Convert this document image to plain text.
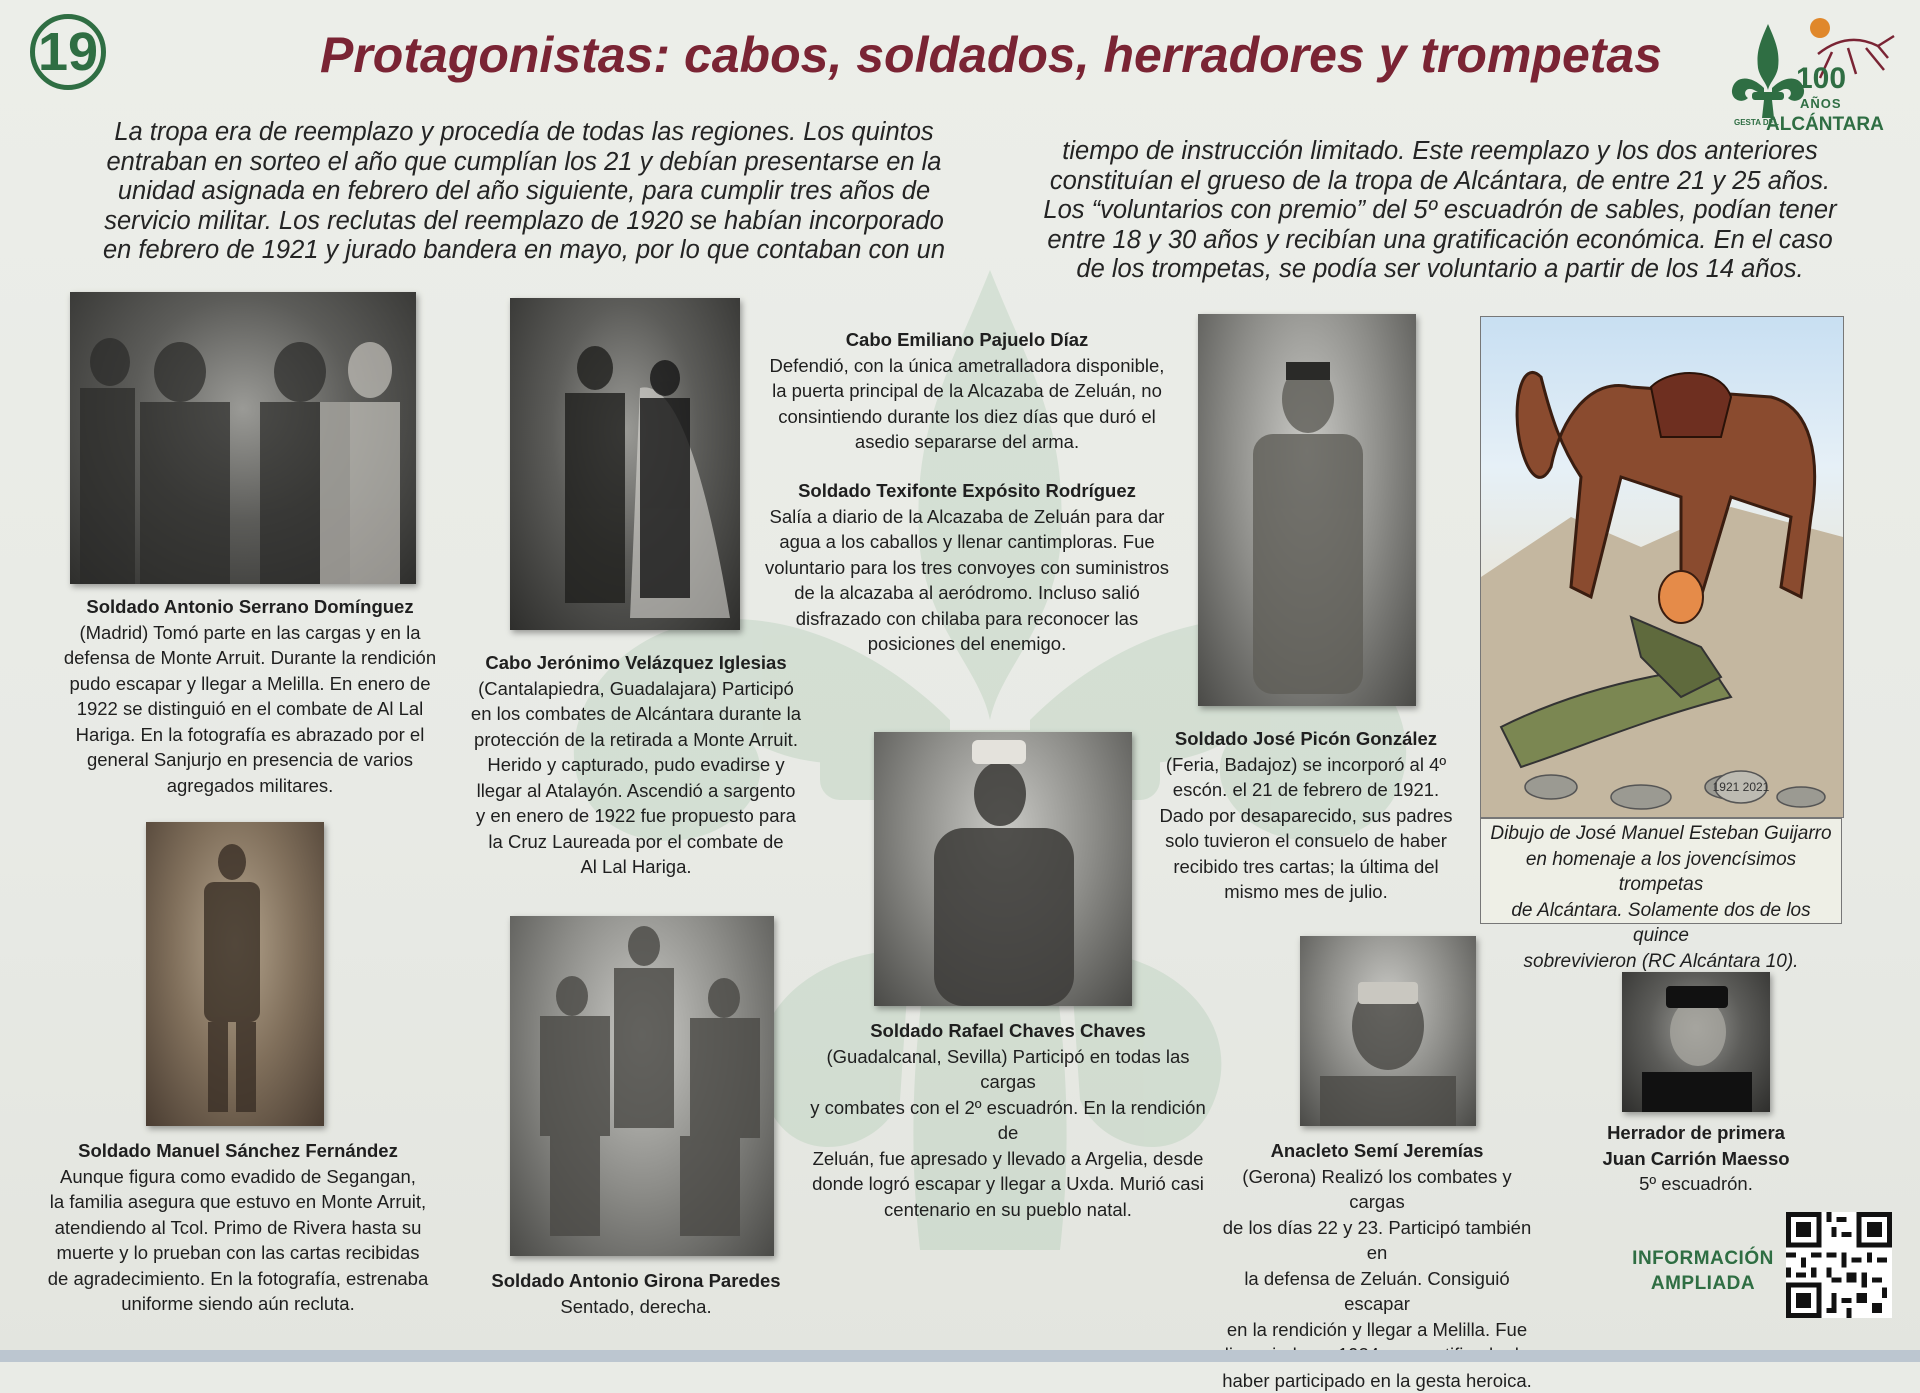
19	Protagonistas: cabos, soldados, herradores y trompetas	100
AÑOS
GESTA DEL
ALCÁNTARA
La tropa era de reemplazo y procedía de todas las regiones. Los quintos
entraban en sorteo el año que cumplían los 21 y debían presentarse en la
unidad asignada en febrero del año siguiente, para cumplir tres años de
servicio militar. Los reclutas del reemplazo de 1920 se habían incorporado
en febrero de 1921 y jurado bandera en mayo, por lo que contaban con un
tiempo de instrucción limitado. Este reemplazo y los dos anteriores
constituían el grueso de la tropa de Alcántara, de entre 21 y 25 años.
Los “voluntarios con premio” del 5º escuadrón de sables, podían tener
entre 18 y 30 años y recibían una gratificación económica. En el caso
de los trompetas, se podía ser voluntario a partir de los 14 años.
1921 2021
Dibujo de José Manuel Esteban Guijarro
en homenaje a los jovencísimos trompetas
de Alcántara. Solamente dos de los quince
sobrevivieron (RC Alcántara 10).
Soldado Antonio Serrano Domínguez
(Madrid) Tomó parte en las cargas y en la
defensa de Monte Arruit. Durante la rendición
pudo escapar y llegar a Melilla. En enero de
1922 se distinguió en el combate de Al Lal
Hariga. En la fotografía es abrazado por el
general Sanjurjo en presencia de varios
agregados militares.
Cabo Jerónimo Velázquez Iglesias
(Cantalapiedra, Guadalajara) Participó
en los combates de Alcántara durante la
protección de la retirada a Monte Arruit.
Herido y capturado, pudo evadirse y
llegar al Atalayón. Ascendió a sargento
y en enero de 1922 fue propuesto para
la Cruz Laureada por el combate de
Al Lal Hariga.
Cabo Emiliano Pajuelo Díaz
Defendió, con la única ametralladora disponible,
la puerta principal de la Alcazaba de Zeluán, no
consintiendo durante los diez días que duró el
asedio separarse del arma.
Soldado Texifonte Expósito Rodríguez
Salía a diario de la Alcazaba de Zeluán para dar
agua a los caballos y llenar cantimploras. Fue
voluntario para los tres convoyes con suministros
de la alcazaba al aeródromo. Incluso salió
disfrazado con chilaba para reconocer las
posiciones del enemigo.
Soldado José Picón González
(Feria, Badajoz) se incorporó al 4º
escón. el 21 de febrero de 1921.
Dado por desaparecido, sus padres
solo tuvieron el consuelo de haber
recibido tres cartas; la última del
mismo mes de julio.
Soldado Manuel Sánchez Fernández
Aunque figura como evadido de Segangan,
la familia asegura que estuvo en Monte Arruit,
atendiendo al Tcol. Primo de Rivera hasta su
muerte y lo prueban con las cartas recibidas
de agradecimiento. En la fotografía, estrenaba
uniforme siendo aún recluta.
Soldado Antonio Girona Paredes
Sentado, derecha.
Soldado Rafael Chaves Chaves
(Guadalcanal, Sevilla) Participó en todas las cargas
y combates con el 2º escuadrón. En la rendición de
Zeluán, fue apresado y llevado a Argelia, desde
donde logró escapar y llegar a Uxda. Murió casi
centenario en su pueblo natal.
Anacleto Semí Jeremías
(Gerona) Realizó los combates y cargas
de los días 22 y 23. Participó también en
la defensa de Zeluán. Consiguió escapar
en la rendición y llegar a Melilla. Fue
haber participado en la gesta heroica.
Herrador de primera
Juan Carrión Maesso
5º escuadrón.
INFORMACIÓN
AMPLIADA
